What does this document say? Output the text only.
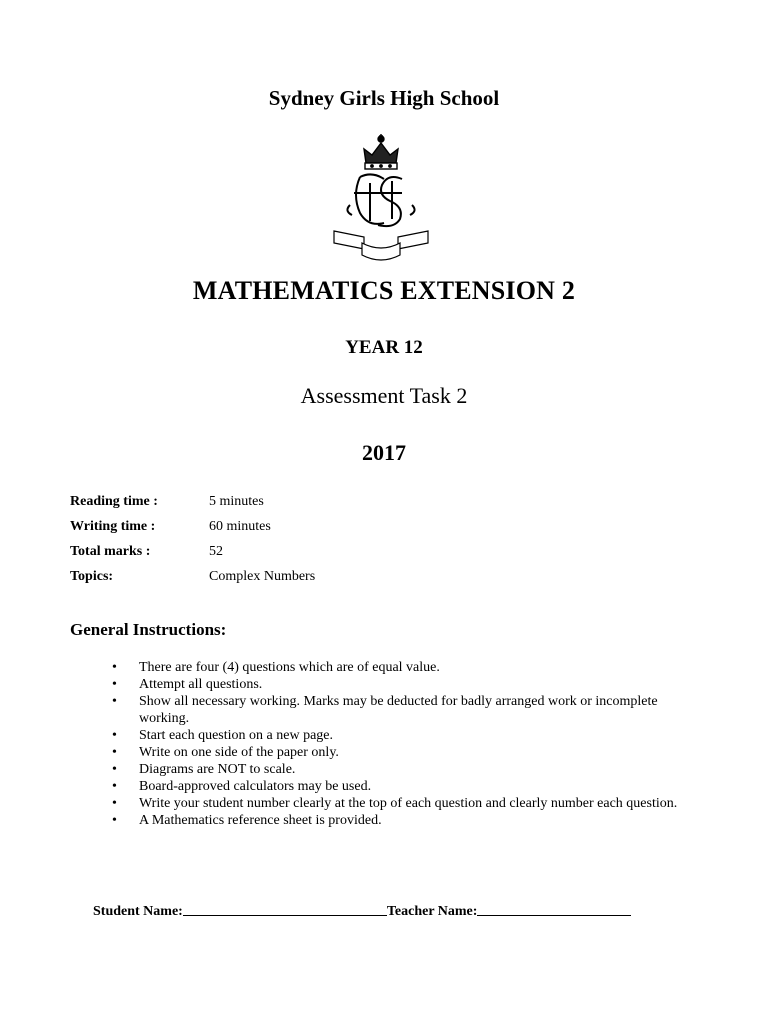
Sydney Girls High School
MATHEMATICS EXTENSION 2
YEAR 12
Assessment Task 2
2017
Reading time :	5 minutes
Writing time :	60 minutes
Total marks :	52
Topics:	Complex Numbers
General Instructions:
• There are four (4) questions which are of equal value.
• Attempt all questions.
• Show all necessary working. Marks may be deducted for badly arranged work or incomplete working.
• Start each question on a new page.
• Write on one side of the paper only.
• Diagrams are NOT to scale.
• Board-approved calculators may be used.
• Write your student number clearly at the top of each question and clearly number each question.
• A Mathematics reference sheet is provided.
Student Name:	Teacher Name:
